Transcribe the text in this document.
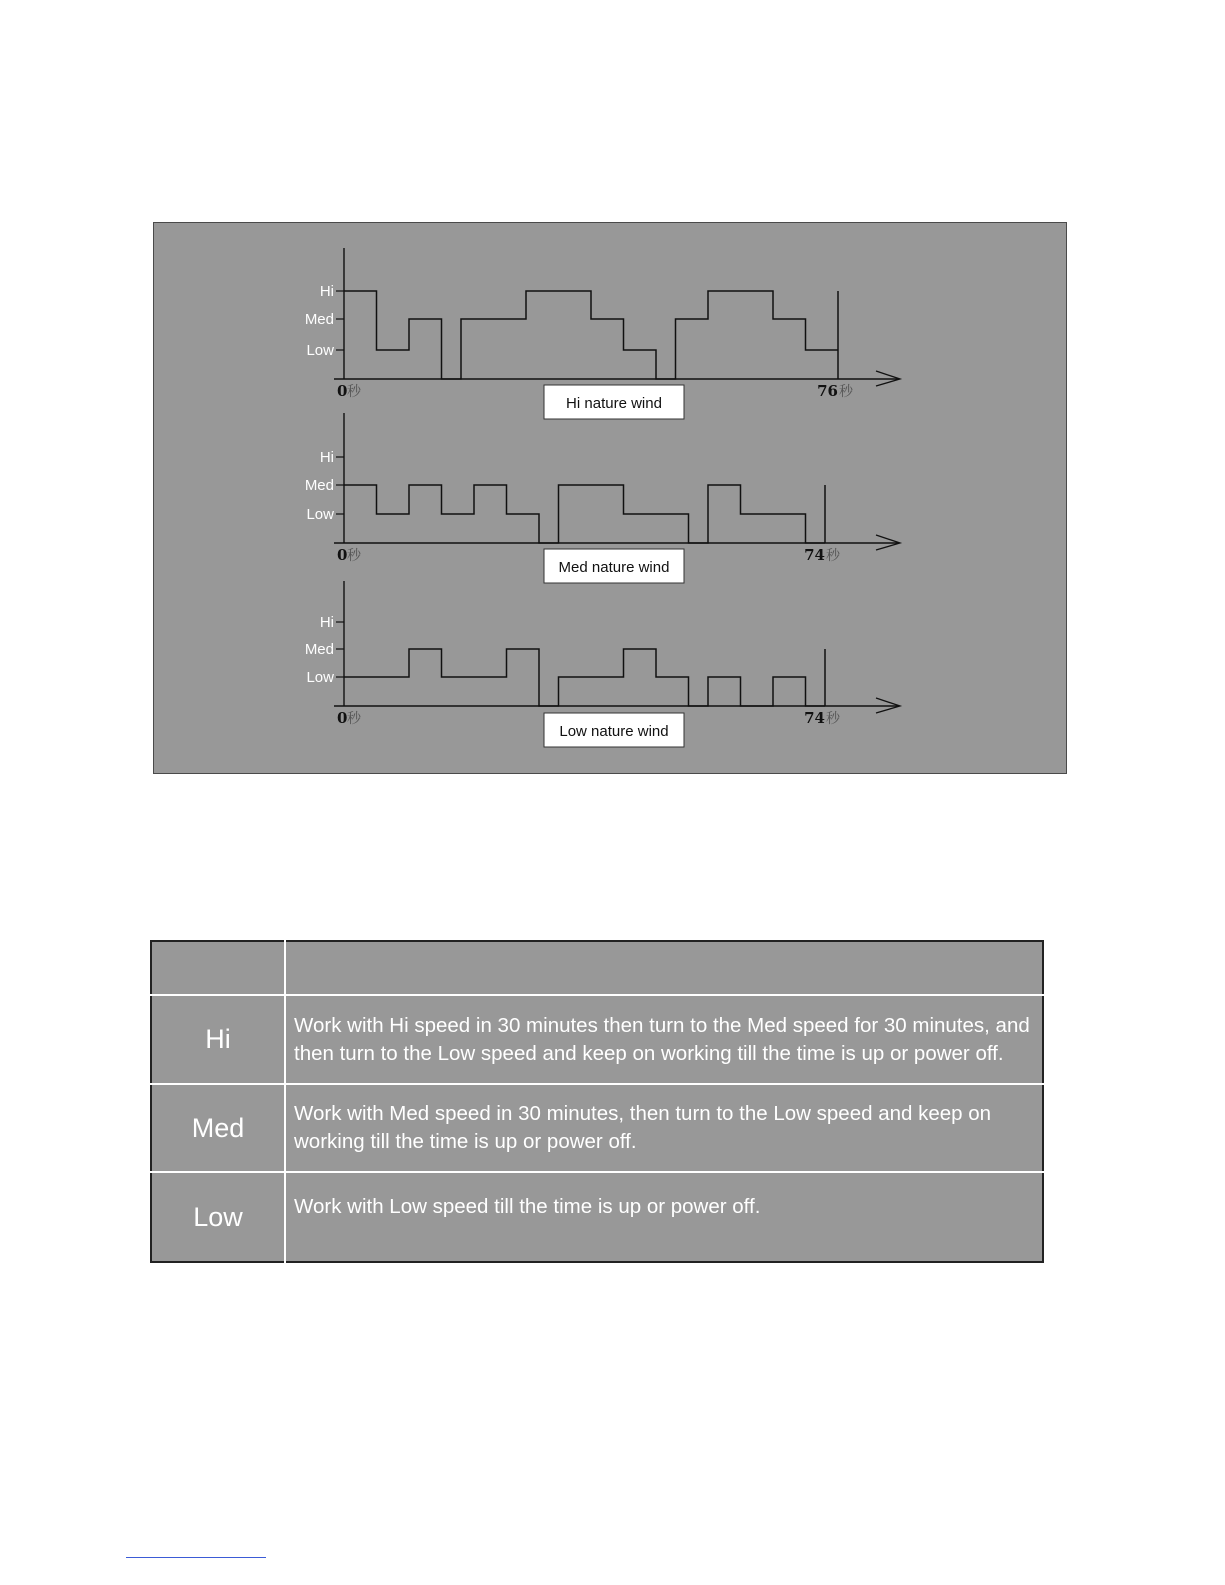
Hi
Med
Low
0 秒	76 秒
Hi nature wind
Hi
Med
Low
0 秒	74 秒
Med nature wind
Hi
Med
Low
0 秒	74 秒
Low nature wind

Hi	Work with Hi speed in 30 minutes then turn to the Med speed for 30 minutes, and then turn to the Low speed and keep on working till the time is up or power off.
Med	Work with Med speed in 30 minutes, then turn to the Low speed and keep on working till the time is up or power off.
Low	Work with Low speed till the time is up or power off.
